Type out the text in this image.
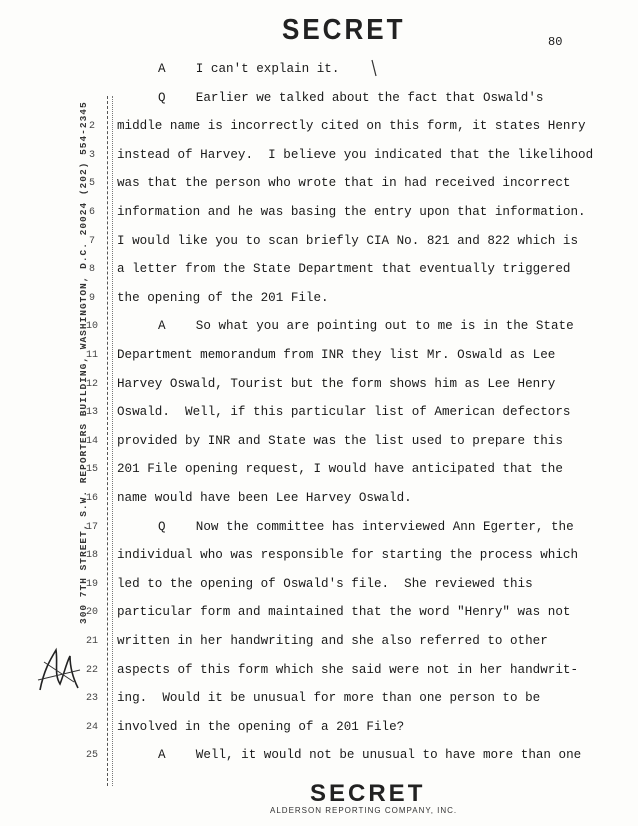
SECRET	80
300 7TH STREET, S.W. REPORTERS BUILDING, WASHINGTON, D.C. 20024 (202) 554-2345
A    I can't explain it.
Q    Earlier we talked about the fact that Oswald's
2	middle name is incorrectly cited on this form, it states Henry
3	instead of Harvey.  I believe you indicated that the likelihood
5	was that the person who wrote that in had received incorrect
6	information and he was basing the entry upon that information.
7	I would like you to scan briefly CIA No. 821 and 822 which is
8	a letter from the State Department that eventually triggered
9	the opening of the 201 File.
10	A    So what you are pointing out to me is in the State
11 Department memorandum from INR they list Mr. Oswald as Lee
12 Harvey Oswald, Tourist but the form shows him as Lee Henry
13 Oswald.  Well, if this particular list of American defectors
14 provided by INR and State was the list used to prepare this
15 201 File opening request, I would have anticipated that the
16 name would have been Lee Harvey Oswald.
17	Q    Now the committee has interviewed Ann Egerter, the
18 individual who was responsible for starting the process which
19 led to the opening of Oswald's file.  She reviewed this
20 particular form and maintained that the word "Henry" was not
21 written in her handwriting and she also referred to other
22 aspects of this form which she said were not in her handwrit-
23 ing.  Would it be unusual for more than one person to be
24 involved in the opening of a 201 File?
25	A    Well, it would not be unusual to have more than one
SECRET
ALDERSON REPORTING COMPANY, INC.
